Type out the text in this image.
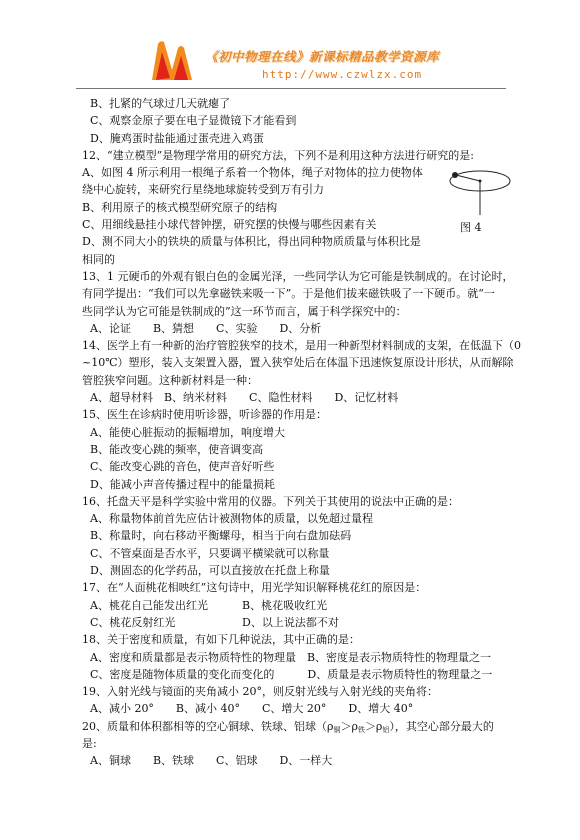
《初中物理在线》新课标精品教学资源库
http://www.czwlzx.com
B、扎紧的气球过几天就瘪了
C、观察金原子要在电子显微镜下才能看到
D、腌鸡蛋时盐能通过蛋壳进入鸡蛋
12、“建立模型”是物理学常用的研究方法，下列不是利用这种方法进行研究的是:
A、如图 4 所示利用一根绳子系着一个物体，绳子对物体的拉力使物体
绕中心旋转，来研究行星绕地球旋转受到万有引力
B、利用原子的核式模型研究原子的结构
C、用细线悬挂小球代替钟摆，研究摆的快慢与哪些因素有关
D、测不同大小的铁块的质量与体积比，得出同种物质质量与体积比是
相同的
13、1 元硬币的外观有银白色的金属光泽，一些同学认为它可能是铁制成的。在讨论时，
有同学提出：“我们可以先拿磁铁来吸一下”。于是他们拔来磁铁吸了一下硬币。就“一
些同学认为它可能是铁制成的”这一环节而言，属于科学探究中的：
A、论证　　B、猜想　　C、实验　　D、分析
14、医学上有一种新的治疗管腔狭窄的技术，是用一种新型材料制成的支架，在低温下（0
~10℃）塑形，装入支架置入器，置入狭窄处后在体温下迅速恢复原设计形状，从而解除
管腔狭窄问题。这种新材料是一种：
A、超导材料　B、纳米材料　　C、隐性材料　　D、记忆材料
15、医生在诊病时使用听诊器，听诊器的作用是：
A、能使心脏振动的振幅增加，响度增大
B、能改变心跳的频率，使音调变高
C、能改变心跳的音色，使声音好听些
D、能减小声音传播过程中的能量损耗
16、托盘天平是科学实验中常用的仪器。下列关于其使用的说法中正确的是：
A、称量物体前首先应估计被测物体的质量，以免超过量程
B、称量时，向右移动平衡螺母，相当于向右盘加砝码
C、不管桌面是否水平，只要调平横梁就可以称量
D、测固态的化学药品，可以直接放在托盘上称量
17、在“人面桃花相映红”这句诗中，用光学知识解释桃花红的原因是：
A、桃花自己能发出红光	B、桃花吸收红光
C、桃花反射红光	D、以上说法都不对
18、关于密度和质量，有如下几种说法，其中正确的是：
A、密度和质量都是表示物质特性的物理量　B、密度是表示物质特性的物理量之一
C、密度是随物体质量的变化而变化的　　　D、质量是表示物质特性的物理量之一
19、入射光线与镜面的夹角减小 20°，则反射光线与入射光线的夹角将：
A、减小 20°　　B、减小 40°　　C、增大 20°　　D、增大 40°
20、质量和体积都相等的空心铜球、铁球、铝球$(\rho_铜>\rho_铁>\rho_铝)$，其空心部分最大的
是:
A、铜球　　B、铁球　　C、铝球　　D、一样大
图 4
